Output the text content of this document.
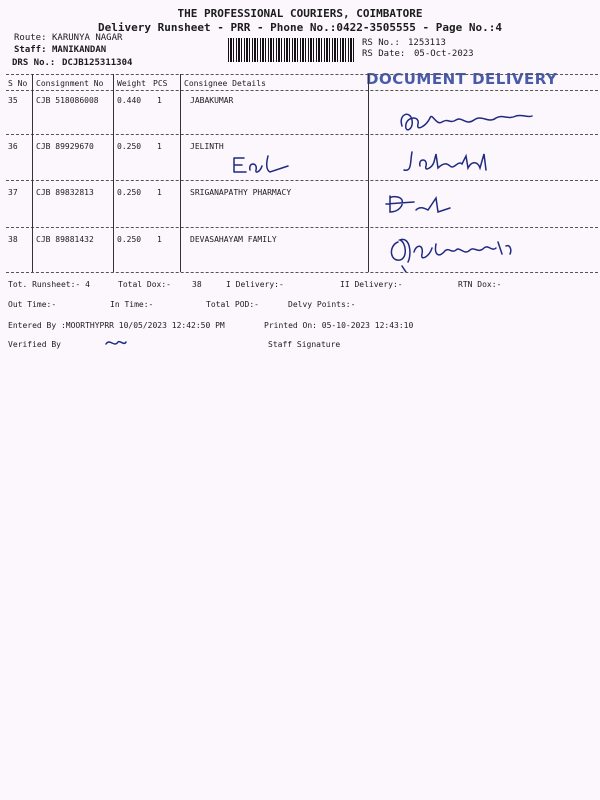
THE PROFESSIONAL COURIERS, COIMBATORE
Delivery Runsheet - PRR - Phone No.:0422-3505555 - Page No.:4
Route: KARUNYA NAGAR
Staff: MANIKANDAN
DRS No.: DCJB125311304
RS No.: 1253113
RS Date: 05-Oct-2023
DOCUMENT DELIVERY
S No Consignment No Weight PCS Consignee Details
35 CJB 518086008 0.440 1	JABAKUMAR
36 CJB 89929670	0.250 1	JELINTH
37 CJB 89832813	0.250 1	SRIGANAPATHY PHARMACY
38 CJB 89881432	0.250 1	DEVASAHAYAM FAMILY
Tot. Runsheet:- 4	Total Dox:-	38	I Delivery:-	II Delivery:-	RTN Dox:-
Out Time:-	In Time:-	Total POD:-	Delvy Points:-
Entered By :MOORTHYPRR 10/05/2023 12:42:50 PM	Printed On: 05-10-2023 12:43:10
Verified By	Staff Signature
